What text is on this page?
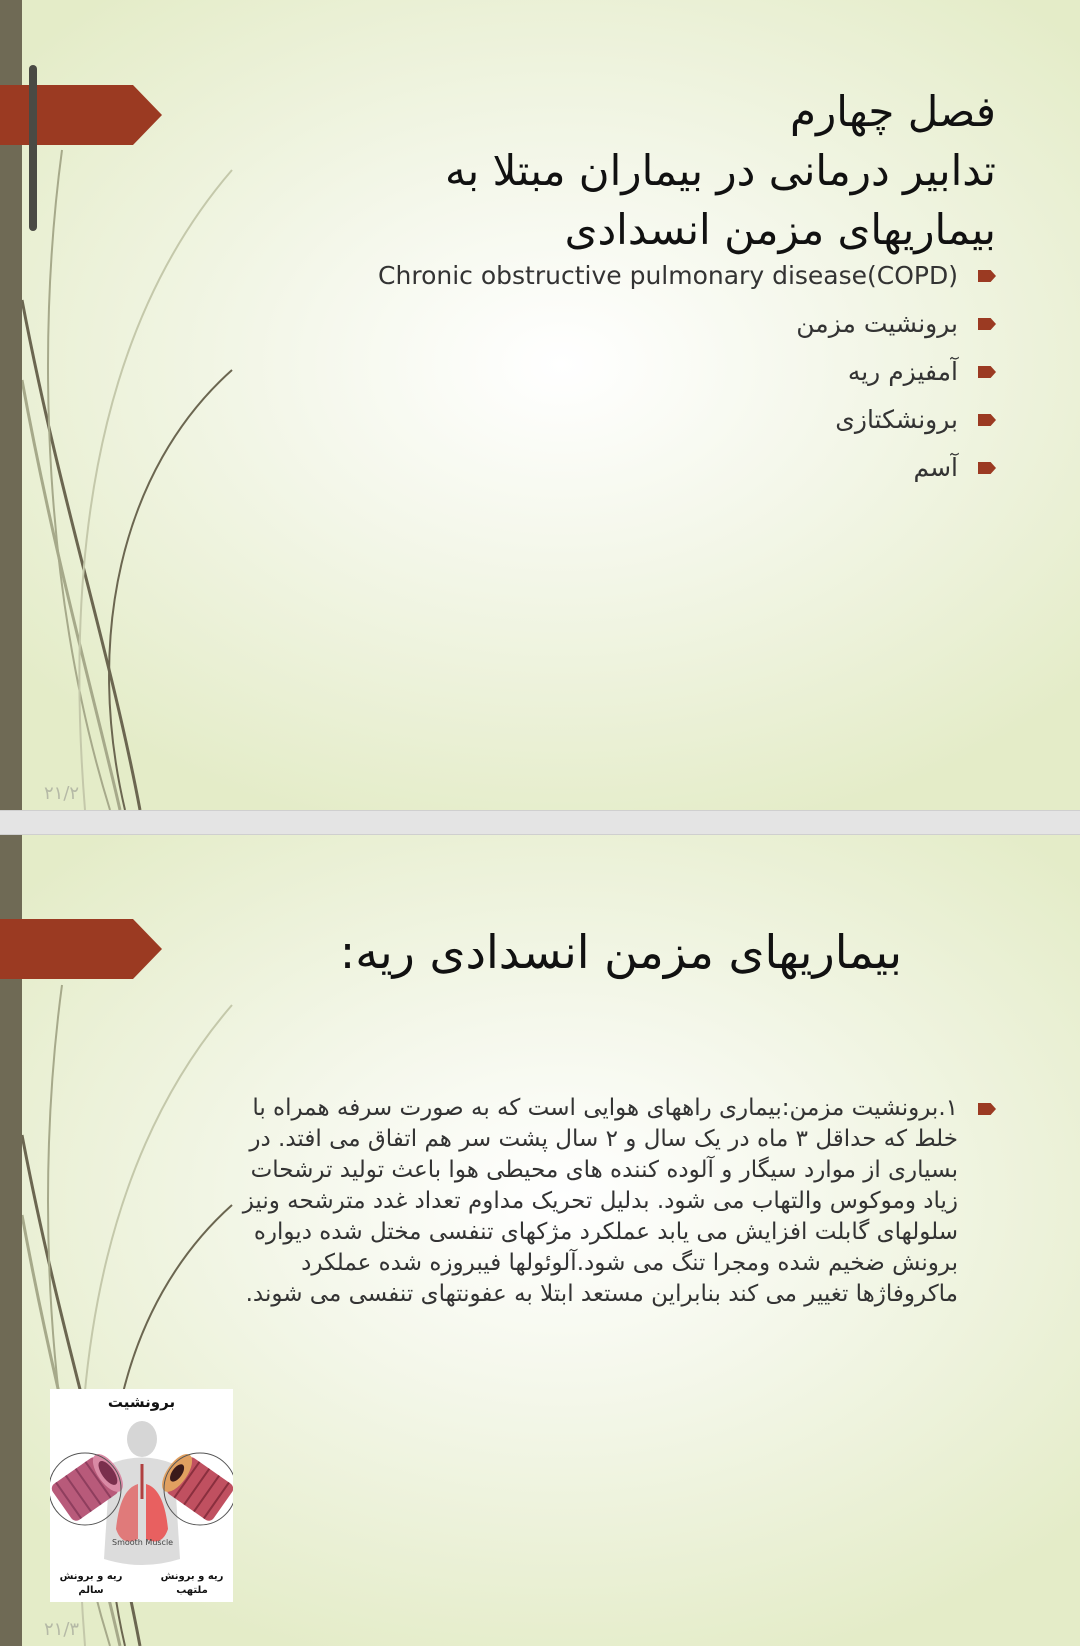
فصل چهارم
تدابیر درمانی در بیماران مبتلا به
بیماریهای مزمن انسدادی
Chronic obstructive pulmonary disease(COPD)
برونشیت مزمن
آمفیزم ریه
برونشکتازی
آسم
۲۱/۲
۲۱/۳
بیماریهای مزمن انسدادی ریه:
۱.برونشیت مزمن:بیماری راههای هوایی است که به صورت سرفه همراه با خلط که حداقل ۳ ماه در یک سال و ۲ سال پشت سر هم اتفاق می افتد. در بسیاری از موارد سیگار و آلوده کننده های محیطی هوا باعث تولید ترشحات زیاد وموکوس والتهاب می شود. بدلیل تحریک مداوم تعداد غدد مترشحه ونیز سلولهای گابلت افزایش می یابد عملکرد مژکهای تنفسی مختل شده دیواره برونش ضخیم شده ومجرا تنگ می شود.آلوئولها فیبروزه شده عملکرد ماکروفاژها تغییر می کند بنابراین مستعد ابتلا به عفونتهای تنفسی می شوند.
برونشیت
Smooth Muscle
ریه و برونش سالم
ریه و برونش ملتهب
